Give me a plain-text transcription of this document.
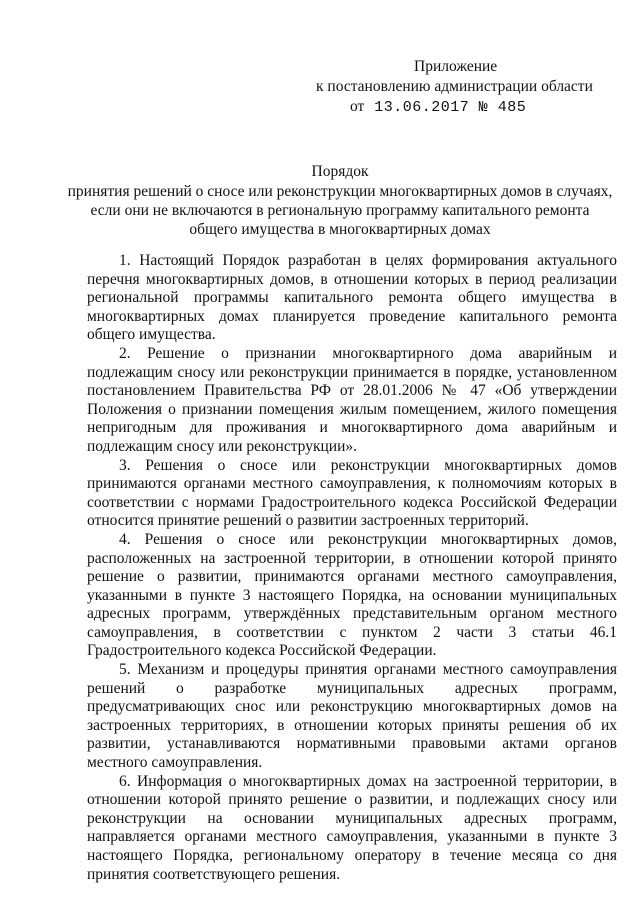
Приложение
к постановлению администрации области
от 13.06.2017 № 485
Порядок
принятия решений о сносе или реконструкции многоквартирных домов в случаях,
если они не включаются в региональную программу капитального ремонта
общего имущества в многоквартирных домах

1. Настоящий Порядок разработан в целях формирования актуального перечня многоквартирных домов, в отношении которых в период реализации региональной программы капитального ремонта общего имущества в многоквартирных домах планируется проведение капитального ремонта общего имущества.

2. Решение о признании многоквартирного дома аварийным и подлежащим сносу или реконструкции принимается в порядке, установленном постановлением Правительства РФ от 28.01.2006 № 47 «Об утверждении Положения о признании помещения жилым помещением, жилого помещения непригодным для проживания и многоквартирного дома аварийным и подлежащим сносу или реконструкции».

3. Решения о сносе или реконструкции многоквартирных домов принимаются органами местного самоуправления, к полномочиям которых в соответствии с нормами Градостроительного кодекса Российской Федерации относится принятие решений о развитии застроенных территорий.

4. Решения о сносе или реконструкции многоквартирных домов, расположенных на застроенной территории, в отношении которой принято решение о развитии, принимаются органами местного самоуправления, указанными в пункте 3 настоящего Порядка, на основании муниципальных адресных программ, утверждённых представительным органом местного самоуправления, в соответствии с пунктом 2 части 3 статьи 46.1 Градостроительного кодекса Российской Федерации.

5. Механизм и процедуры принятия органами местного самоуправления решений о разработке муниципальных адресных программ, предусматривающих снос или реконструкцию многоквартирных домов на застроенных территориях, в отношении которых приняты решения об их развитии, устанавливаются нормативными правовыми актами органов местного самоуправления.

6. Информация о многоквартирных домах на застроенной территории, в отношении которой принято решение о развитии, и подлежащих сносу или реконструкции на основании муниципальных адресных программ, направляется органами местного самоуправления, указанными в пункте 3 настоящего Порядка, региональному оператору в течение месяца со дня принятия соответствующего решения.
